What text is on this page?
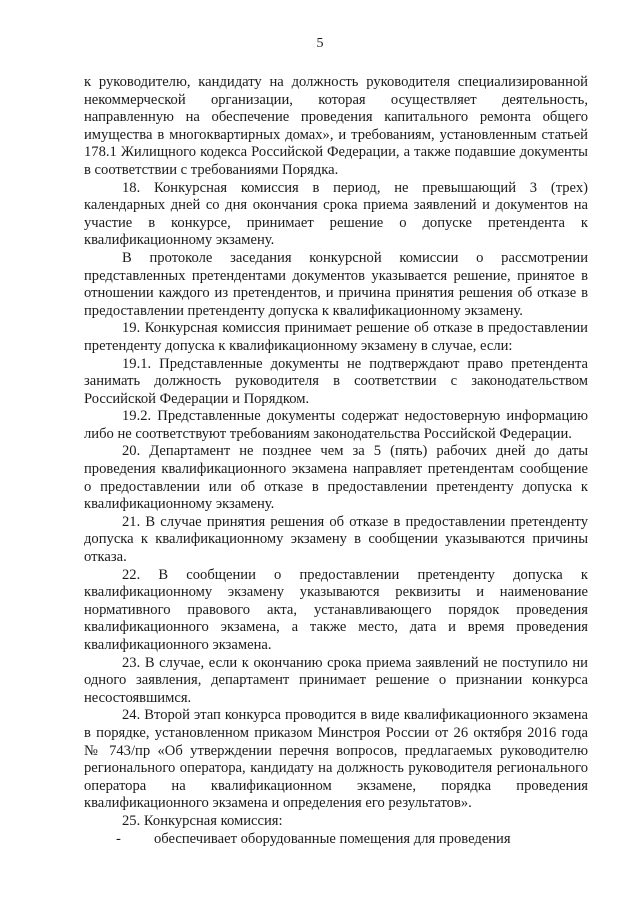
5

к руководителю, кандидату на должность руководителя специализированной некоммерческой организации, которая осуществляет деятельность, направленную на обеспечение проведения капитального ремонта общего имущества в многоквартирных домах», и требованиям, установленным статьей 178.1 Жилищного кодекса Российской Федерации, а также подавшие документы в соответствии с требованиями Порядка.

18. Конкурсная комиссия в период, не превышающий 3 (трех) календарных дней со дня окончания срока приема заявлений и документов на участие в конкурсе, принимает решение о допуске претендента к квалификационному экзамену.

В протоколе заседания конкурсной комиссии о рассмотрении представленных претендентами документов указывается решение, принятое в отношении каждого из претендентов, и причина принятия решения об отказе в предоставлении претенденту допуска к квалификационному экзамену.

19. Конкурсная комиссия принимает решение об отказе в предоставлении претенденту допуска к квалификационному экзамену в случае, если:

19.1. Представленные документы не подтверждают право претендента занимать должность руководителя в соответствии с законодательством Российской Федерации и Порядком.

19.2. Представленные документы содержат недостоверную информацию либо не соответствуют требованиям законодательства Российской Федерации.

20. Департамент не позднее чем за 5 (пять) рабочих дней до даты проведения квалификационного экзамена направляет претендентам сообщение о предоставлении или об отказе в предоставлении претенденту допуска к квалификационному экзамену.

21. В случае принятия решения об отказе в предоставлении претенденту допуска к квалификационному экзамену в сообщении указываются причины отказа.

22. В сообщении о предоставлении претенденту допуска к квалификационному экзамену указываются реквизиты и наименование нормативного правового акта, устанавливающего порядок проведения квалификационного экзамена, а также место, дата и время проведения квалификационного экзамена.

23. В случае, если к окончанию срока приема заявлений не поступило ни одного заявления, департамент принимает решение о признании конкурса несостоявшимся.

24. Второй этап конкурса проводится в виде квалификационного экзамена в порядке, установленном приказом Минстроя России от 26 октября 2016 года № 743/пр «Об утверждении перечня вопросов, предлагаемых руководителю регионального оператора, кандидату на должность руководителя регионального оператора на квалификационном экзамене, порядка проведения квалификационного экзамена и определения его результатов».

25. Конкурсная комиссия:

-	обеспечивает оборудованные помещения для проведения
